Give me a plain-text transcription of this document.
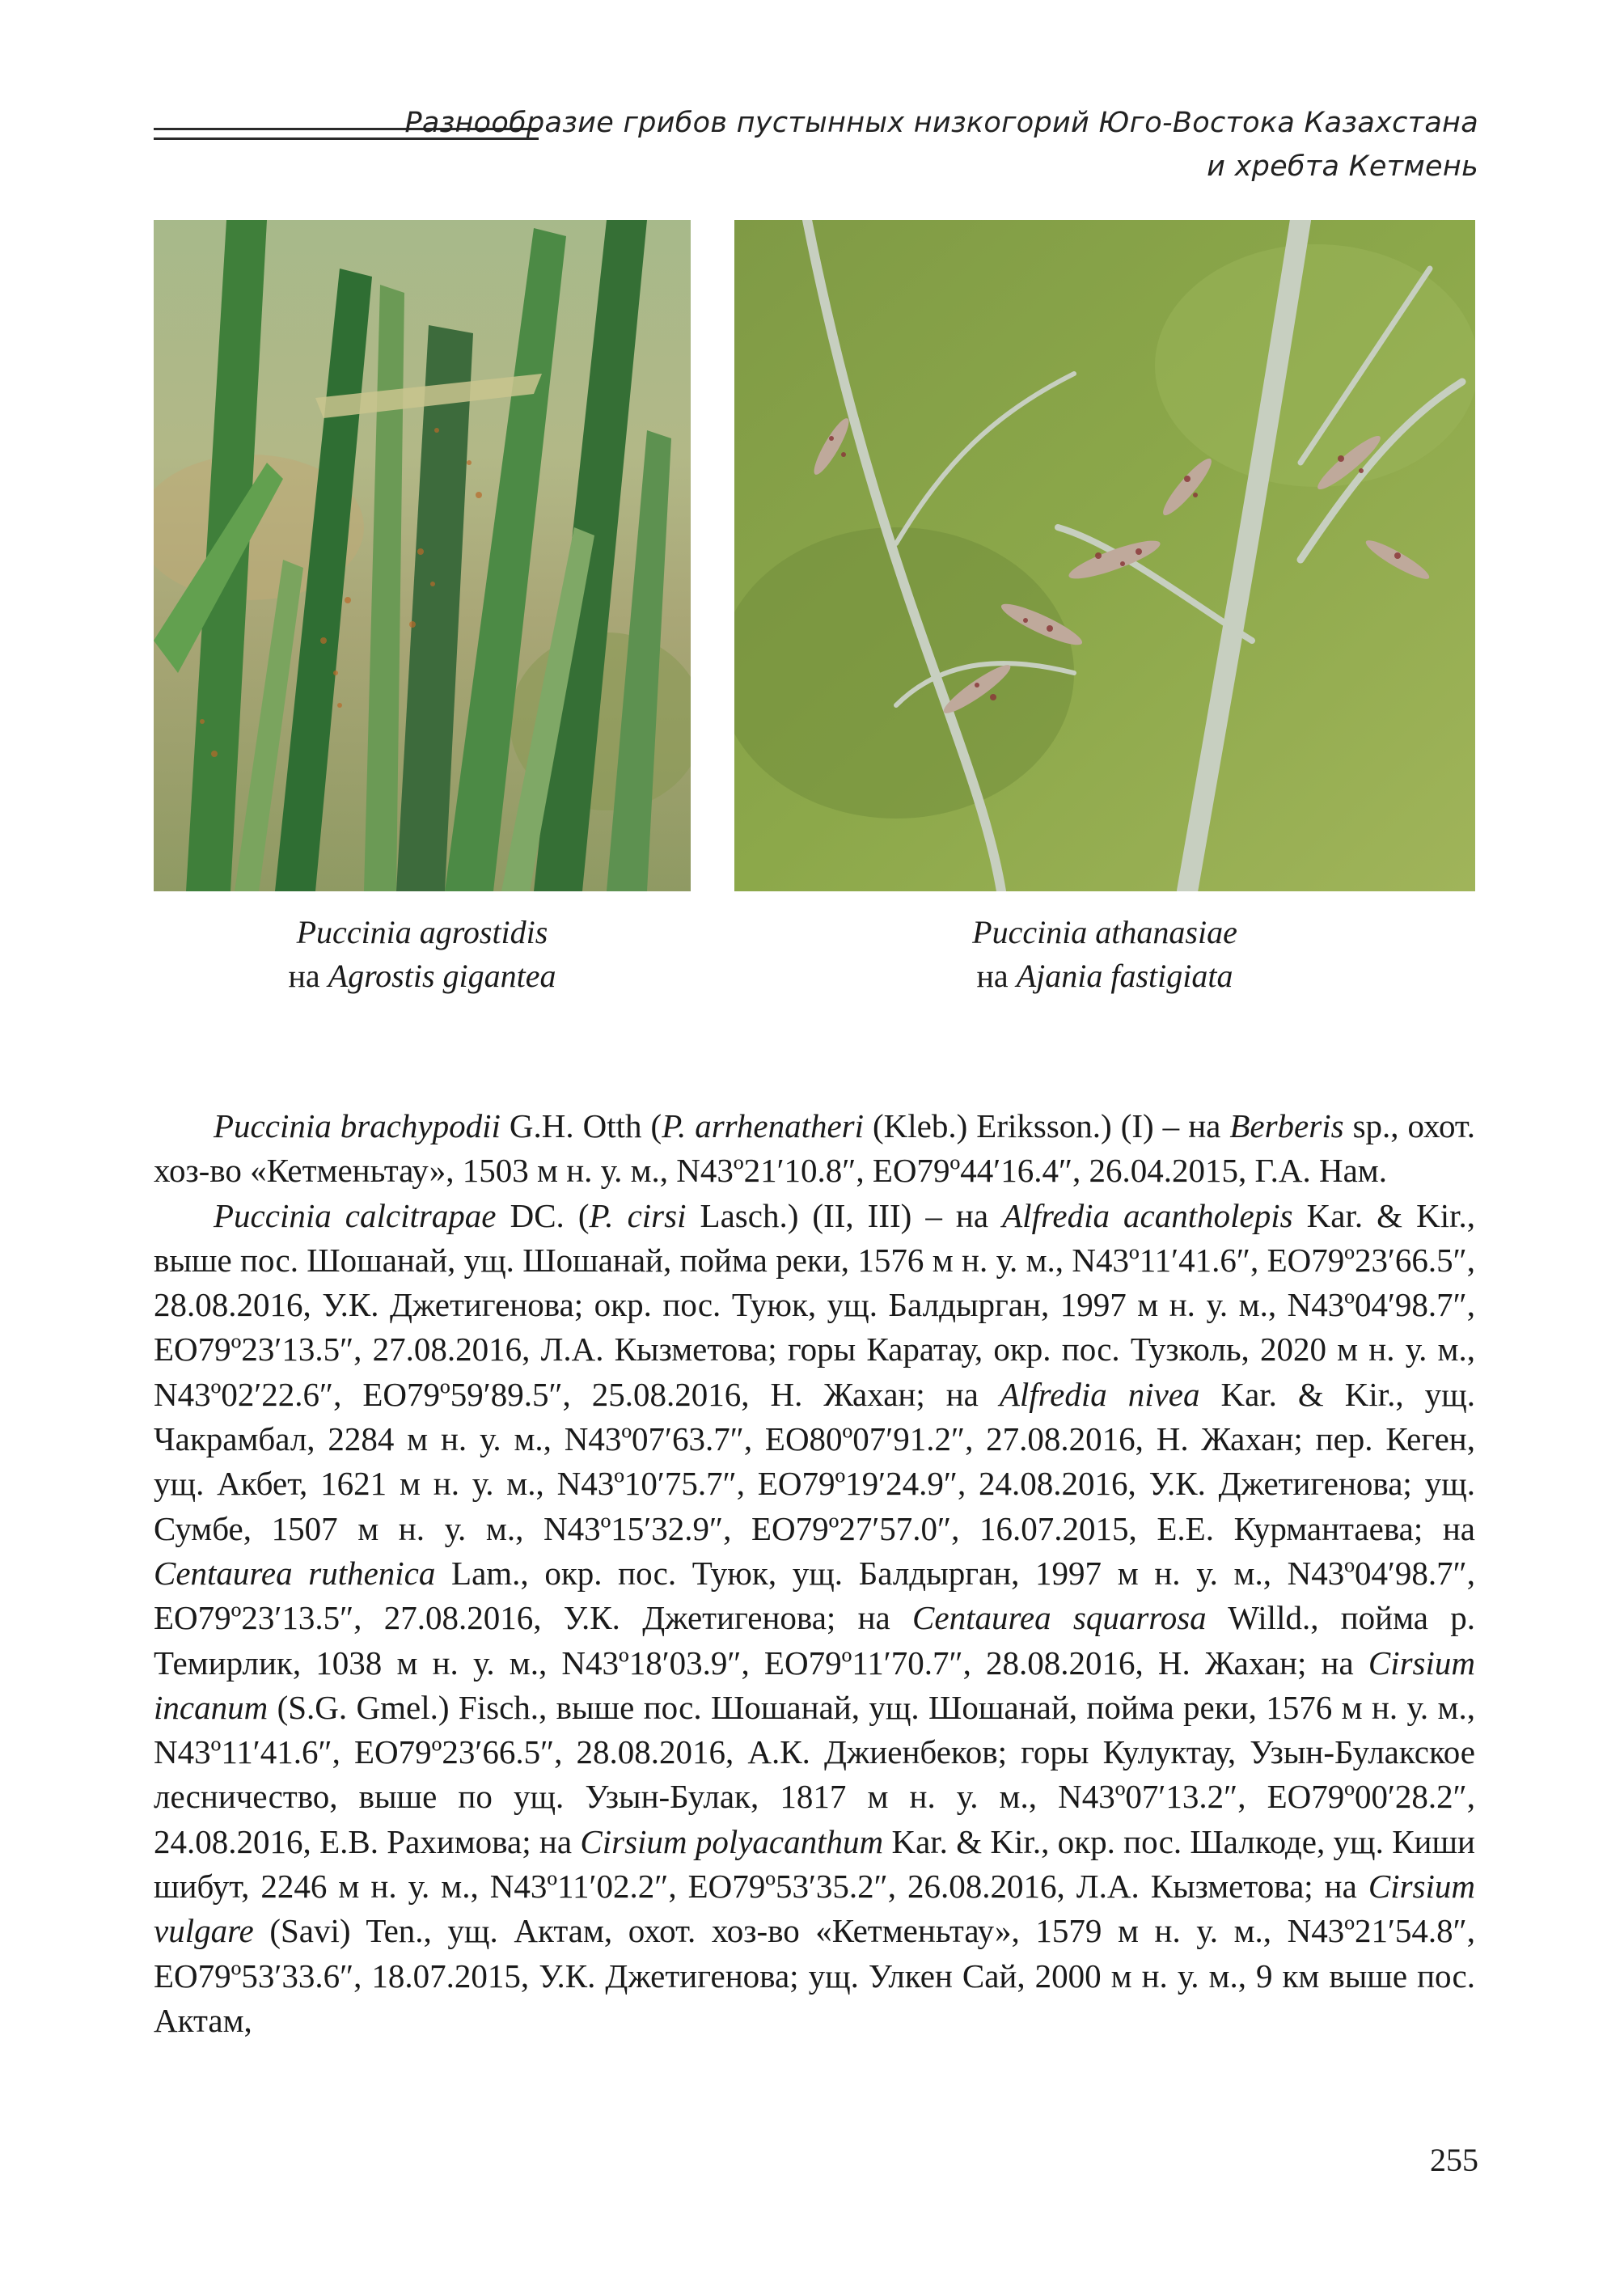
Разнообразие грибов пустынных низкогорий Юго-Востока Казахстана
и хребта Кетмень
Puccinia agrostidis
на Agrostis gigantea
Puccinia athanasiae
на Ajania fastigiata

Puccinia brachypodii G.H. Otth (P. arrhenatheri (Kleb.) Eriksson.) (I) – на Berberis sp., охот. хоз-во «Кетменьтау», 1503 м н. у. м., N43º21′10.8″, ЕО79º44′16.4″, 26.04.2015, Г.А. Нам.

Puccinia calcitrapae DC. (P. cirsi Lasch.) (II, III) – на Alfredia acantholepis Kar. & Kir., выше пос. Шошанай, ущ. Шошанай, пойма реки, 1576 м н. у. м., N43º11′41.6″, ЕО79º23′66.5″, 28.08.2016, У.К. Джетигенова; окр. пос. Туюк, ущ. Балдырган, 1997 м н. у. м., N43º04′98.7″, ЕО79º23′13.5″, 27.08.2016, Л.А. Кызметова; горы Каратау, окр. пос. Тузколь, 2020 м н. у. м., N43º02′22.6″, ЕО79º59′89.5″, 25.08.2016, Н. Жахан; на Alfredia nivea Kar. & Kir., ущ. Чакрамбал, 2284 м н. у. м., N43º07′63.7″, ЕО80º07′91.2″, 27.08.2016, Н. Жахан; пер. Кеген, ущ. Акбет, 1621 м н. у. м., N43º10′75.7″, ЕО79º19′24.9″, 24.08.2016, У.К. Джетигенова; ущ. Сумбе, 1507 м н. у. м., N43º15′32.9″, ЕО79º27′57.0″, 16.07.2015, Е.Е. Курмантаева; на Centaurea ruthenica Lam., окр. пос. Туюк, ущ. Балдырган, 1997 м н. у. м., N43º04′98.7″, ЕО79º23′13.5″, 27.08.2016, У.К. Джетигенова; на Centaurea squarrosa Willd., пойма р. Темирлик, 1038 м н. у. м., N43º18′03.9″, ЕО79º11′70.7″, 28.08.2016, Н. Жахан; на Cirsium incanum (S.G. Gmel.) Fisch., выше пос. Шошанай, ущ. Шошанай, пойма реки, 1576 м н. у. м., N43º11′41.6″, ЕО79º23′66.5″, 28.08.2016, А.К. Джиенбеков; горы Кулуктау, Узын-Булакское лесничество, выше по ущ. Узын-Булак, 1817 м н. у. м., N43º07′13.2″, ЕО79º00′28.2″, 24.08.2016, Е.В. Рахимова; на Cirsium polyacanthum Kar. & Kir., окр. пос. Шалкоде, ущ. Киши шибут, 2246 м н. у. м., N43º11′02.2″, ЕО79º53′35.2″, 26.08.2016, Л.А. Кызметова; на Cirsium vulgare (Savi) Ten., ущ. Актам, охот. хоз-во «Кетменьтау», 1579 м н. у. м., N43º21′54.8″, ЕО79º53′33.6″, 18.07.2015, У.К. Джетигенова; ущ. Улкен Сай, 2000 м н. у. м., 9 км выше пос. Актам,

255
